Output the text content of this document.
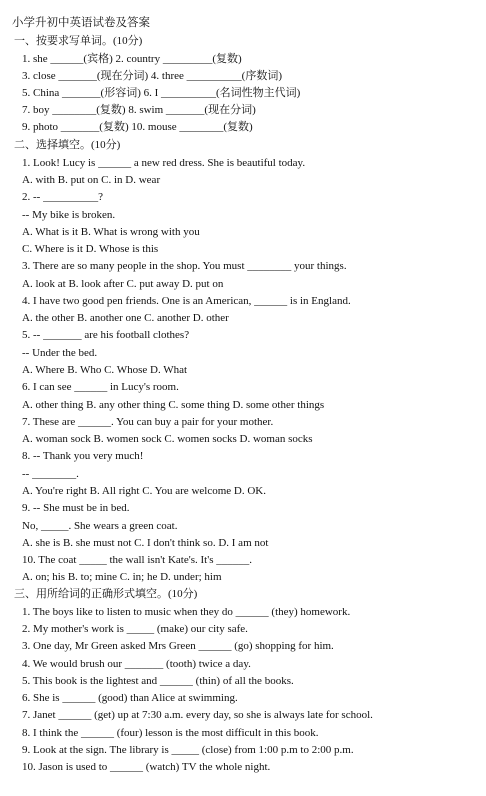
小学升初中英语试卷及答案
一、按要求写单词。(10分)
1. she ______(宾格) 2. country _________(复数)
3. close _______(现在分词) 4. three __________(序数词)
5. China _______(形容词) 6. I __________(名词性物主代词)
7. boy ________(复数) 8. swim _______(现在分词)
9. photo _______(复数) 10. mouse ________(复数)
二、选择填空。(10分)
1. Look! Lucy is ______ a new red dress. She is beautiful today.
A. with B. put on C. in D. wear
2. -- __________?
-- My bike is broken.
A. What is it B. What is wrong with you
C. Where is it D. Whose is this
3. There are so many people in the shop. You must ________ your things.
A. look at B. look after C. put away D. put on
4. I have two good pen friends. One is an American, ______ is in England.
A. the other B. another one C. another D. other
5. -- _______ are his football clothes?
-- Under the bed.
A. Where B. Who C. Whose D. What
6. I can see ______ in Lucy's room.
A. other thing B. any other thing C. some thing D. some other things
7. These are ______. You can buy a pair for your mother.
A. woman sock B. women sock C. women socks D. woman socks
8. -- Thank you very much!
-- ________.
A. You're right B. All right C. You are welcome D. OK.
9. -- She must be in bed.
No, _____. She wears a green coat.
A. she is B. she must not C. I don't think so. D. I am not
10. The coat _____ the wall isn't Kate's. It's ______.
A. on; his B. to; mine C. in; he D. under; him
三、用所给词的正确形式填空。(10分)
1. The boys like to listen to music when they do ______ (they) homework.
2. My mother's work is _____ (make) our city safe.
3. One day, Mr Green asked Mrs Green ______ (go) shopping for him.
4. We would brush our _______ (tooth) twice a day.
5. This book is the lightest and ______ (thin) of all the books.
6. She is ______ (good) than Alice at swimming.
7. Janet ______ (get) up at 7:30 a.m. every day, so she is always late for school.
8. I think the ______ (four) lesson is the most difficult in this book.
9. Look at the sign. The library is _____ (close) from 1:00 p.m to 2:00 p.m.
10. Jason is used to ______ (watch) TV the whole night.
